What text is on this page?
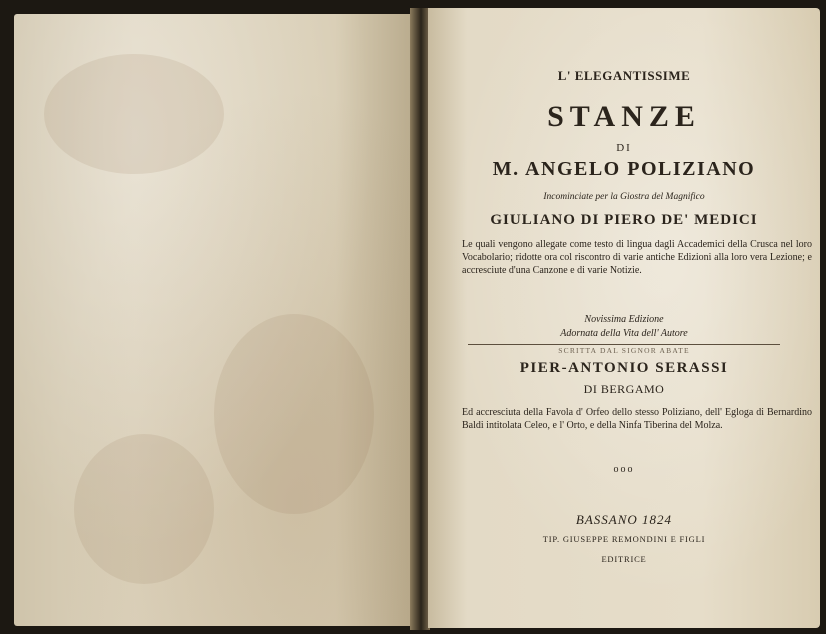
L' ELEGANTISSIME
STANZE
DI
M. ANGELO POLIZIANO
Incominciate per la Giostra del Magnifico
GIULIANO DI PIERO DE' MEDICI
Le quali vengono allegate come testo di lingua dagli Accademici della Crusca nel loro Vocabolario; ridotte ora col riscontro di varie antiche Edizioni alla loro vera Lezione; e accresciute d'una Canzone e di varie Notizie.
Novissima Edizione
Adornata della Vita dell' Autore
SCRITTA DAL SIGNOR ABATE
PIER-ANTONIO SERASSI
DI BERGAMO
Ed accresciuta della Favola d' Orfeo dello stesso Poliziano, dell' Egloga di Bernardino Baldi intitolata Celeo, e l' Orto, e della Ninfa Tiberina del Molza.
ooo
BASSANO 1824
TIP. GIUSEPPE REMONDINI E FIGLI
EDITRICE
